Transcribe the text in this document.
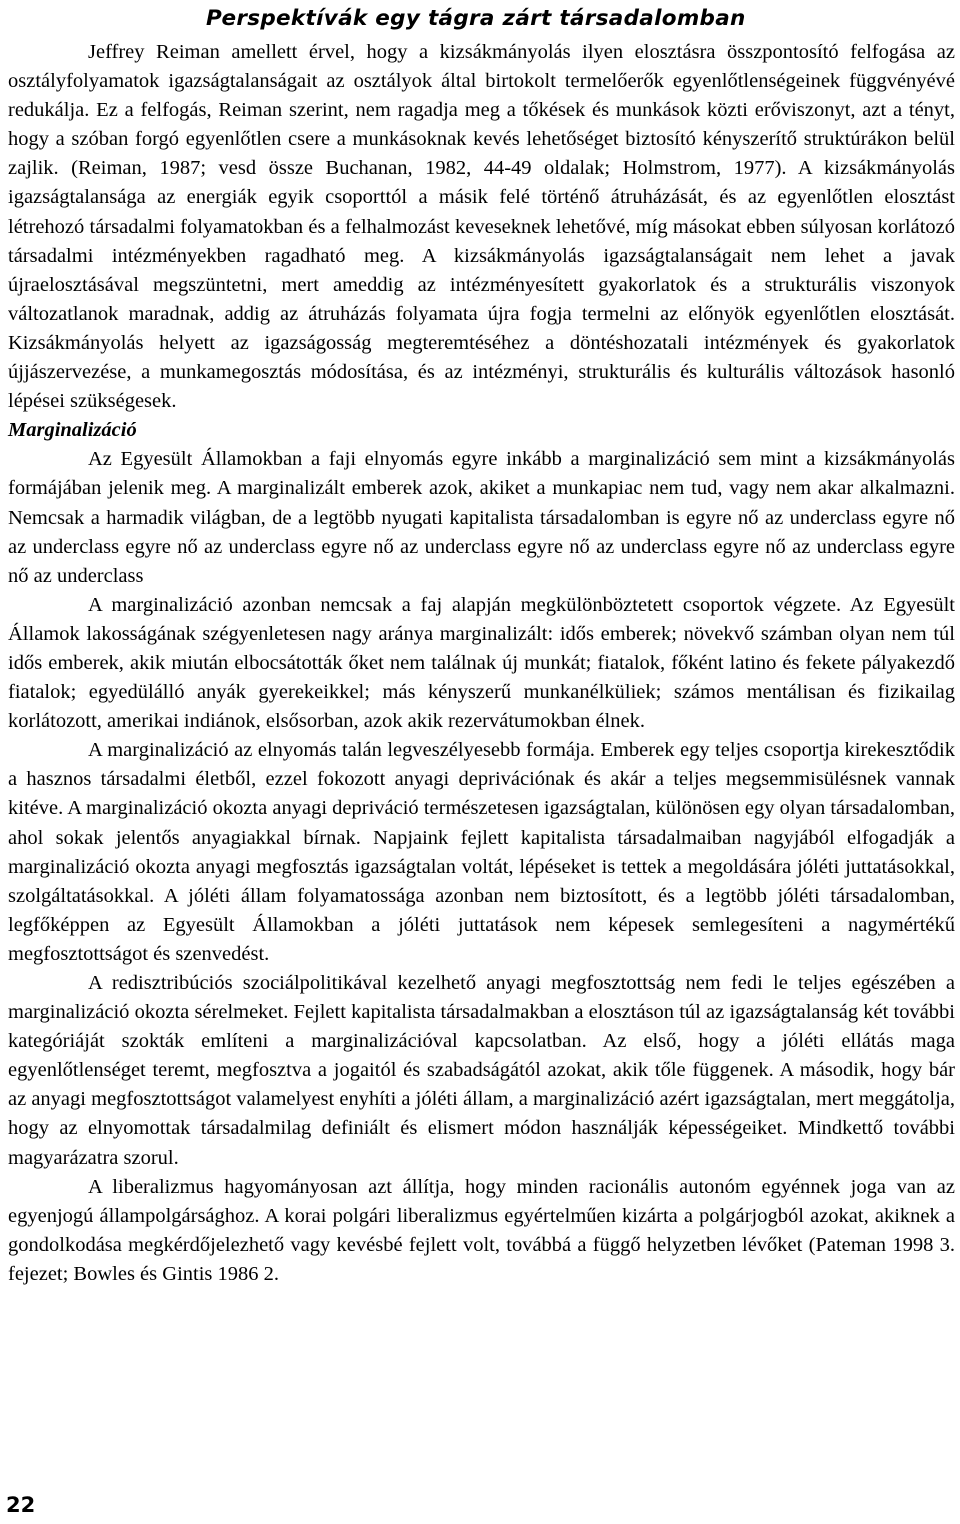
Perspektívák egy tágra zárt társadalomban

Jeffrey Reiman amellett érvel, hogy a kizsákmányolás ilyen elosztásra összpontosító felfogása az osztályfolyamatok igazságtalanságait az osztályok által birtokolt termelőerők egyenlőtlenségeinek függvényévé redukálja. Ez a felfogás, Reiman szerint, nem ragadja meg a tőkések és munkások közti erőviszonyt, azt a tényt, hogy a szóban forgó egyenlőtlen csere a munkásoknak kevés lehetőséget biztosító kényszerítő struktúrákon belül zajlik. (Reiman, 1987; vesd össze Buchanan, 1982, 44-49 oldalak; Holmstrom, 1977). A kizsákmányolás igazságtalansága az energiák egyik csoporttól a másik felé történő átruházását, és az egyenlőtlen elosztást létrehozó társadalmi folyamatokban és a felhalmozást keveseknek lehetővé, míg másokat ebben súlyosan korlátozó társadalmi intézményekben ragadható meg. A kizsákmányolás igazságtalanságait nem lehet a javak újraelosztásával megszüntetni, mert ameddig az intézményesített gyakorlatok és a strukturális viszonyok változatlanok maradnak, addig az átruházás folyamata újra fogja termelni az előnyök egyenlőtlen elosztását. Kizsákmányolás helyett az igazságosság megteremtéséhez a döntéshozatali intézmények és gyakorlatok újjászervezése, a munkamegosztás módosítása, és az intézményi, strukturális és kulturális változások hasonló lépései szükségesek.

Marginalizáció

Az Egyesült Államokban a faji elnyomás egyre inkább a marginalizáció sem mint a kizsákmányolás formájában jelenik meg. A marginalizált emberek azok, akiket a munkapiac nem tud, vagy nem akar alkalmazni. Nemcsak a harmadik világban, de a legtöbb nyugati kapitalista társadalomban is egyre nő az underclass egyre nő az underclass egyre nő az underclass egyre nő az underclass egyre nő az underclass egyre nő az underclass egyre nő az underclass

A marginalizáció azonban nemcsak a faj alapján megkülönböztetett csoportok végzete. Az Egyesült Államok lakosságának szégyenletesen nagy aránya marginalizált: idős emberek; növekvő számban olyan nem túl idős emberek, akik miután elbocsátották őket nem találnak új munkát; fiatalok, főként latino és fekete pályakezdő fiatalok; egyedülálló anyák gyerekeikkel; más kényszerű munkanélküliek; számos mentálisan és fizikailag korlátozott, amerikai indiánok, elsősorban, azok akik rezervátumokban élnek.

A marginalizáció az elnyomás talán legveszélyesebb formája. Emberek egy teljes csoportja kirekesztődik a hasznos társadalmi életből, ezzel fokozott anyagi deprivációnak és akár a teljes megsemmisülésnek vannak kitéve. A marginalizáció okozta anyagi depriváció természetesen igazságtalan, különösen egy olyan társadalomban, ahol sokak jelentős anyagiakkal bírnak. Napjaink fejlett kapitalista társadalmaiban nagyjából elfogadják a marginalizáció okozta anyagi megfosztás igazságtalan voltát, lépéseket is tettek a megoldására jóléti juttatásokkal, szolgáltatásokkal. A jóléti állam folyamatossága azonban nem biztosított, és a legtöbb jóléti társadalomban, legfőképpen az Egyesült Államokban a jóléti juttatások nem képesek semlegesíteni a nagymértékű megfosztottságot és szenvedést.

A redisztribúciós szociálpolitikával kezelhető anyagi megfosztottság nem fedi le teljes egészében a marginalizáció okozta sérelmeket. Fejlett kapitalista társadalmakban a elosztáson túl az igazságtalanság két további kategóriáját szokták említeni a marginalizációval kapcsolatban. Az első, hogy a jóléti ellátás maga egyenlőtlenséget teremt, megfosztva a jogaitól és szabadságától azokat, akik tőle függenek. A második, hogy bár az anyagi megfosztottságot valamelyest enyhíti a jóléti állam, a marginalizáció azért igazságtalan, mert meggátolja, hogy az elnyomottak társadalmilag definiált és elismert módon használják képességeiket. Mindkettő további magyarázatra szorul.

A liberalizmus hagyományosan azt állítja, hogy minden racionális autonóm egyénnek joga van az egyenjogú állampolgársághoz. A korai polgári liberalizmus egyértelműen kizárta a polgárjogból azokat, akiknek a gondolkodása megkérdőjelezhető vagy kevésbé fejlett volt, továbbá a függő helyzetben lévőket (Pateman 1998 3. fejezet; Bowles és Gintis 1986 2.

22
